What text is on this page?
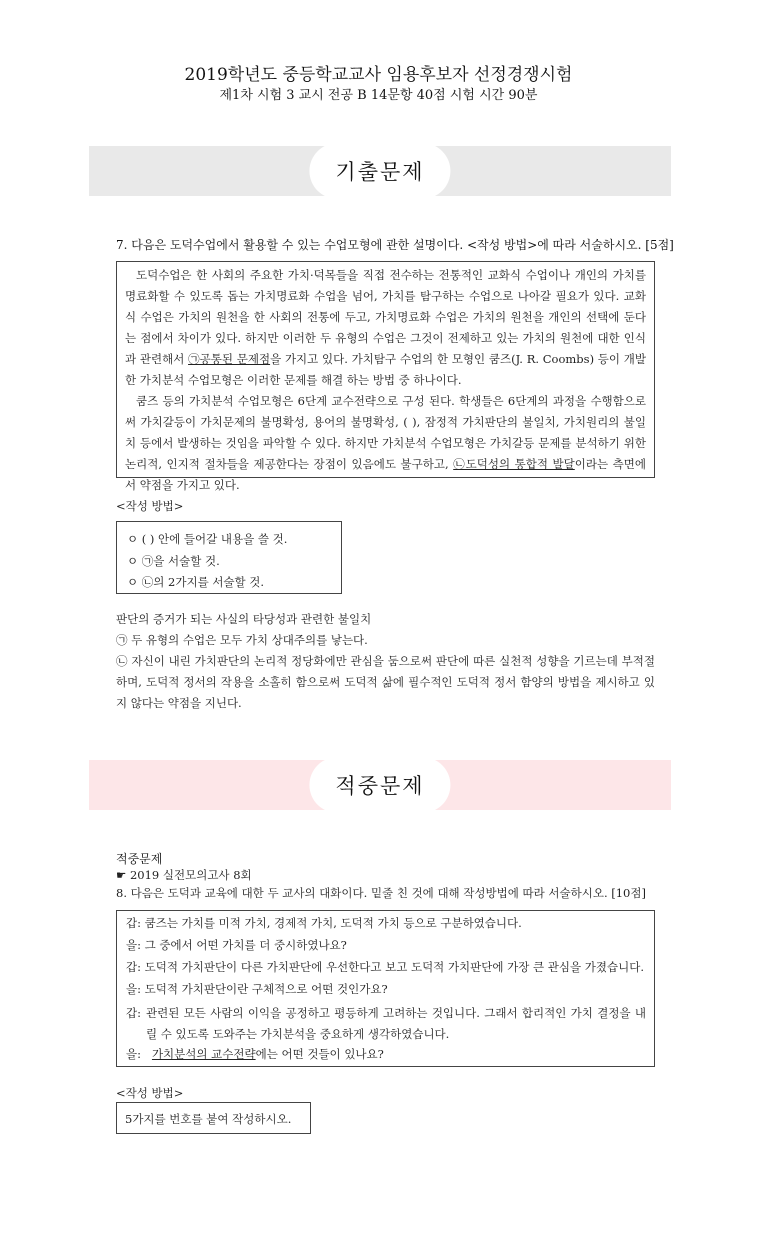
2019학년도 중등학교교사 임용후보자 선정경쟁시험
제1차 시험 3 교시 전공 B 14문항 40점 시험 시간 90분
기출문제
7. 다음은 도덕수업에서 활용할 수 있는 수업모형에 관한 설명이다. <작성 방법>에 따라 서술하시오. [5점]

도덕수업은 한 사회의 주요한 가치·덕목들을 직접 전수하는 전통적인 교화식 수업이나 개인의 가치를 명료화할 수 있도록 돕는 가치명료화 수업을 넘어, 가치를 탐구하는 수업으로 나아갈 필요가 있다. 교화식 수업은 가치의 원천을 한 사회의 전통에 두고, 가치명료화 수업은 가치의 원천을 개인의 선택에 둔다는 점에서 차이가 있다. 하지만 이러한 두 유형의 수업은 그것이 전제하고 있는 가치의 원천에 대한 인식과 관련해서 ㉠공통된 문제점을 가지고 있다. 가치탐구 수업의 한 모형인 쿰즈(J. R. Coombs) 등이 개발한 가치분석 수업모형은 이러한 문제를 해결 하는 방법 중 하나이다.

쿰즈 등의 가치분석 수업모형은 6단계 교수전략으로 구성 된다. 학생들은 6단계의 과정을 수행함으로써 가치갈등이 가치문제의 불명확성, 용어의 불명확성, ( ), 잠정적 가치판단의 불일치, 가치원리의 불일치 등에서 발생하는 것임을 파악할 수 있다. 하지만 가치분석 수업모형은 가치갈등 문제를 분석하기 위한 논리적, 인지적 절차들을 제공한다는 장점이 있음에도 불구하고, ㉡도덕성의 통합적 발달이라는 측면에서 약점을 가지고 있다.

<작성 방법>
ㅇ ( ) 안에 들어갈 내용을 쓸 것.
ㅇ ㉠을 서술할 것.
ㅇ ㉡의 2가지를 서술할 것.
판단의 증거가 되는 사실의 타당성과 관련한 불일치
㉠ 두 유형의 수업은 모두 가치 상대주의를 낳는다.

㉡ 자신이 내린 가치판단의 논리적 정당화에만 관심을 둠으로써 판단에 따른 실천적 성향을 기르는데 부적절하며, 도덕적 정서의 작용을 소홀히 함으로써 도덕적 삶에 필수적인 도덕적 정서 함양의 방법을 제시하고 있지 않다는 약점을 지닌다.

적중문제
적중문제
☛ 2019 실전모의고사 8회
8. 다음은 도덕과 교육에 대한 두 교사의 대화이다. 밑줄 친 것에 대해 작성방법에 따라 서술하시오. [10점]
갑: 쿰즈는 가치를 미적 가치, 경제적 가치, 도덕적 가치 등으로 구분하였습니다.
을: 그 중에서 어떤 가치를 더 중시하였나요?
갑: 도덕적 가치판단이 다른 가치판단에 우선한다고 보고 도덕적 가치판단에 가장 큰 관심을 가졌습니다.
을: 도덕적 가치판단이란 구체적으로 어떤 것인가요?
갑: 관련된 모든 사람의 이익을 공정하고 평등하게 고려하는 것입니다. 그래서 합리적인 가치 결정을 내릴 수 있도록 도와주는 가치분석을 중요하게 생각하였습니다.
을: 가치분석의 교수전략에는 어떤 것들이 있나요?
<작성 방법>
5가지를 번호를 붙여 작성하시오.
